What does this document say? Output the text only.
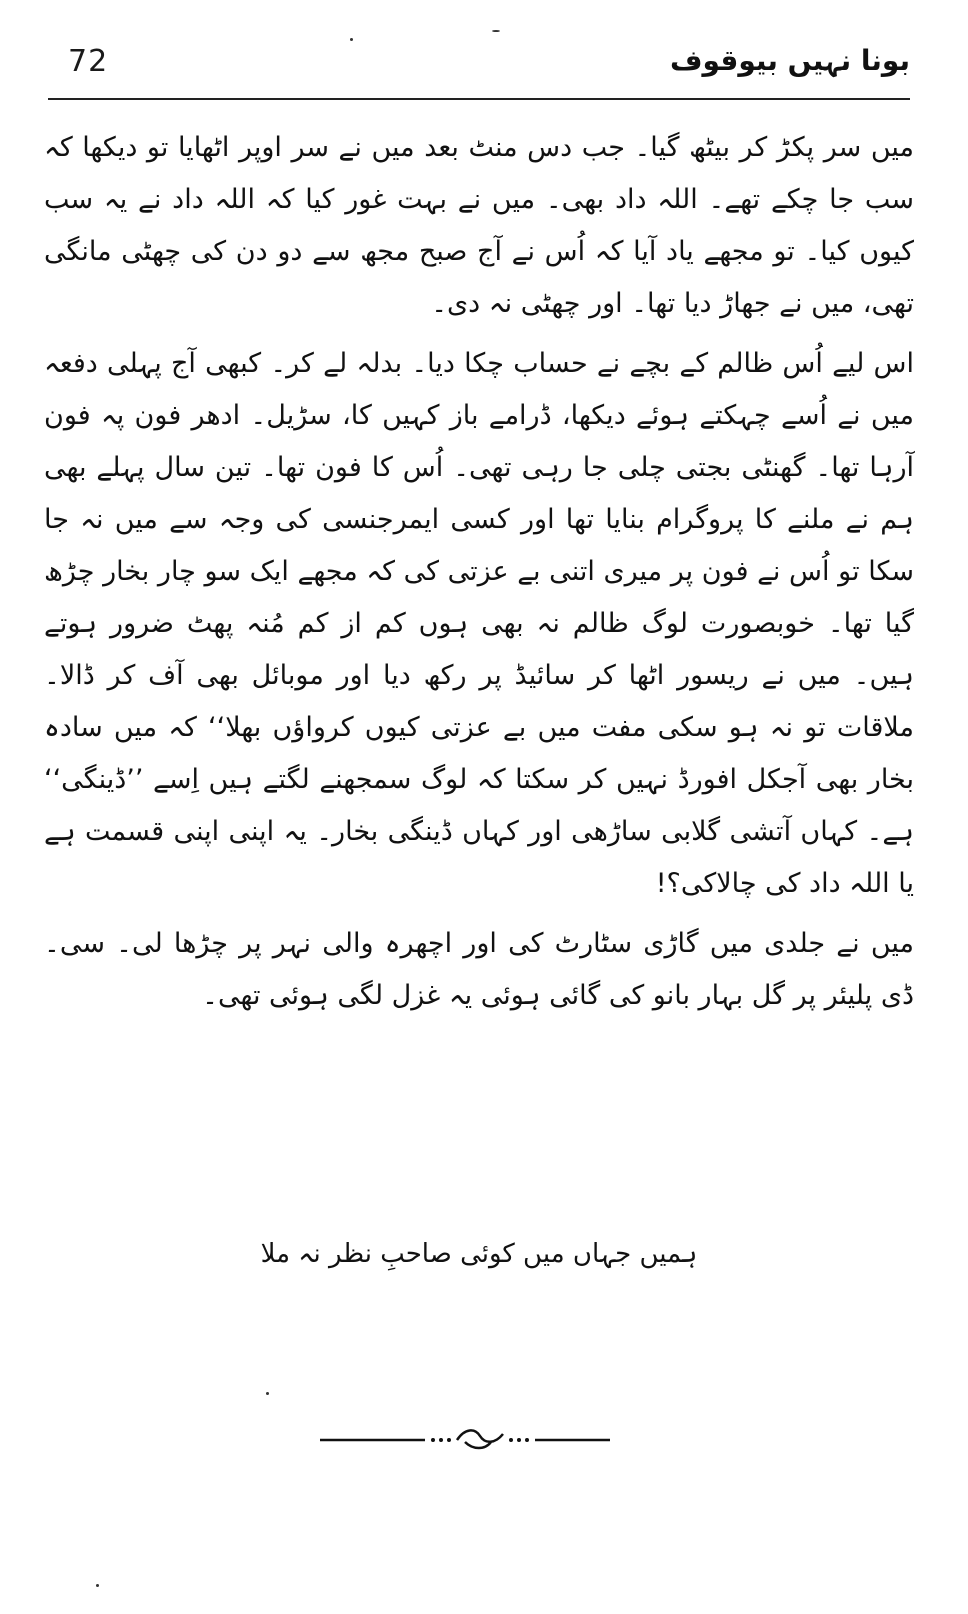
72	بونا نہیں بیوقوف

میں سر پکڑ کر بیٹھ گیا۔ جب دس منٹ بعد میں نے سر اوپر اٹھایا تو دیکھا کہ سب جا چکے تھے۔ اللہ داد بھی۔ میں نے بہت غور کیا کہ اللہ داد نے یہ سب کیوں کیا۔ تو مجھے یاد آیا کہ اُس نے آج صبح مجھ سے دو دن کی چھٹی مانگی تھی، میں نے جھاڑ دیا تھا۔ اور چھٹی نہ دی۔

اس لیے اُس ظالم کے بچے نے حساب چکا دیا۔ بدلہ لے کر۔ کبھی آج پہلی دفعہ میں نے اُسے چہکتے ہوئے دیکھا، ڈرامے باز کہیں کا، سڑیل۔ ادھر فون پہ فون آرہا تھا۔ گھنٹی بجتی چلی جا رہی تھی۔ اُس کا فون تھا۔ تین سال پہلے بھی ہم نے ملنے کا پروگرام بنایا تھا اور کسی ایمرجنسی کی وجہ سے میں نہ جا سکا تو اُس نے فون پر میری اتنی بے عزتی کی کہ مجھے ایک سو چار بخار چڑھ گیا تھا۔ خوبصورت لوگ ظالم نہ بھی ہوں کم از کم مُنہ پھٹ ضرور ہوتے ہیں۔ میں نے ریسور اٹھا کر سائیڈ پر رکھ دیا اور موبائل بھی آف کر ڈالا۔ ملاقات تو نہ ہو سکی مفت میں بے عزتی کیوں کرواؤں بھلا‘‘ کہ میں سادہ بخار بھی آجکل افورڈ نہیں کر سکتا کہ لوگ سمجھنے لگتے ہیں اِسے ’’ڈینگی‘‘ ہے۔ کہاں آتشی گلابی ساڑھی اور کہاں ڈینگی بخار۔ یہ اپنی اپنی قسمت ہے یا اللہ داد کی چالاکی؟!

میں نے جلدی میں گاڑی سٹارٹ کی اور اچھرہ والی نہر پر چڑھا لی۔ سی۔ ڈی پلیئر پر گل بہار بانو کی گائی ہوئی یہ غزل لگی ہوئی تھی۔

ہمیں جہاں میں کوئی صاحبِ نظر نہ ملا
